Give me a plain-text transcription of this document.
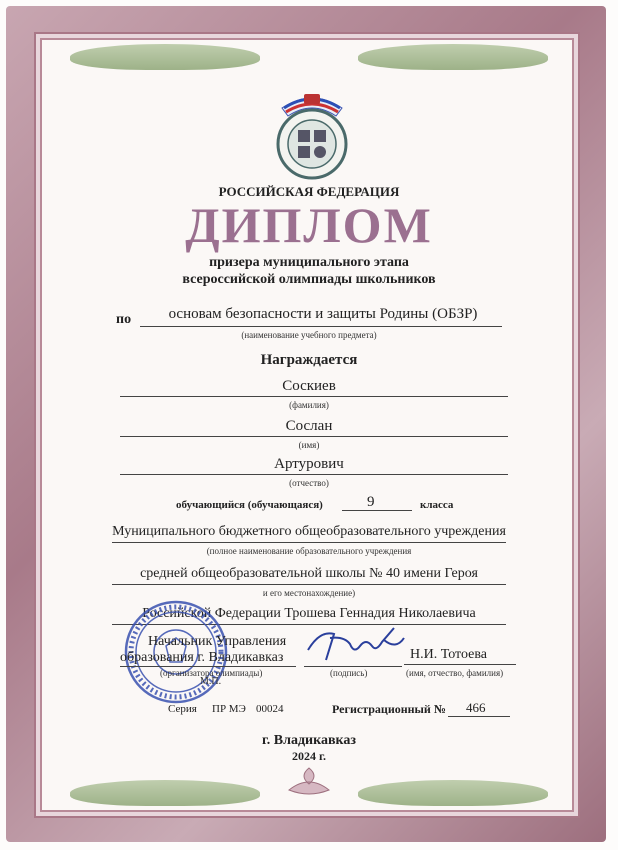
РОССИЙСКАЯ ФЕДЕРАЦИЯ
ДИПЛОМ
призера муниципального этапа
всероссийской олимпиады школьников
по	основам безопасности и защиты Родины (ОБЗР)
(наименование учебного предмета)
Награждается
Соскиев
(фамилия)
Сослан
(имя)
Артурович
(отчество)
обучающийся (обучающаяся)	9	класса
Муниципального бюджетного общеобразовательного учреждения
(полное наименование образовательного учреждения
средней общеобразовательной школы № 40 имени Героя
и его местонахождение)
Российской Федерации Трошева Геннадия Николаевича
Начальник Управления
образования г. Владикавказ
(организатора олимпиады)	(подпись)
Н.И. Тотоева
(имя, отчество, фамилия)
М.П.
Серия ПР МЭ 00024	Регистрационный № 466
г. Владикавказ
2024 г.
